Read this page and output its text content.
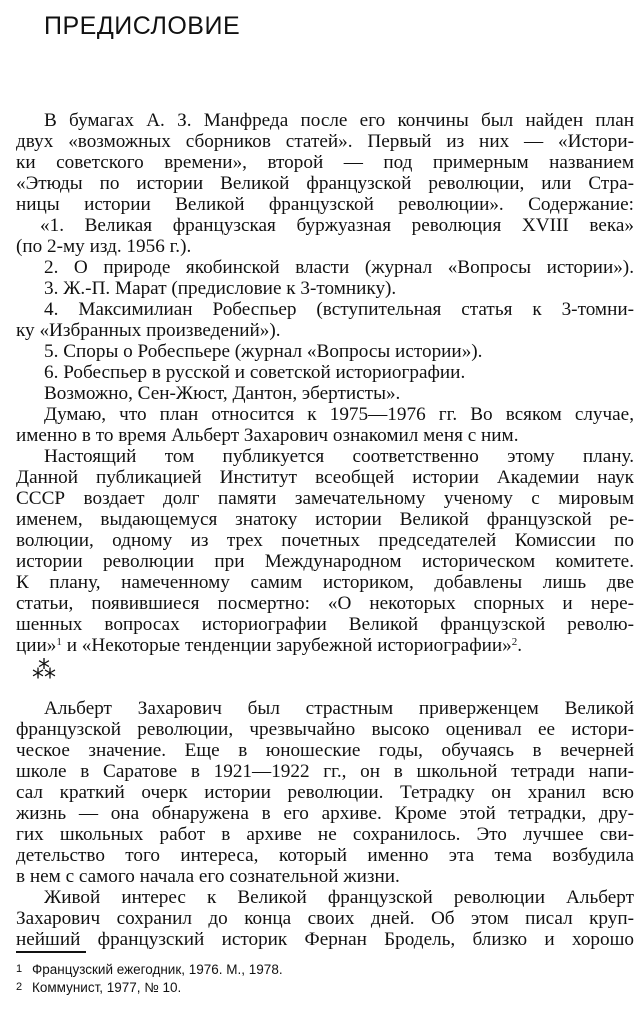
ПРЕДИСЛОВИЕ
В бумагах А. З. Манфреда после его кончины был найден план
двух «возможных сборников статей». Первый из них — «Истори-
ки советского времени», второй — под примерным названием
«Этюды по истории Великой французской революции, или Стра-
ницы истории Великой французской революции». Содержание:
«1. Великая французская буржуазная революция XVIII века»
(по 2-му изд. 1956 г.).
2. О природе якобинской власти (журнал «Вопросы истории»).
3. Ж.-П. Марат (предисловие к 3-томнику).
4. Максимилиан Робеспьер (вступительная статья к 3-томни-
ку «Избранных произведений»).
5. Споры о Робеспьере (журнал «Вопросы истории»).
6. Робеспьер в русской и советской историографии.
Возможно, Сен-Жюст, Дантон, эбертисты».
Думаю, что план относится к 1975—1976 гг. Во всяком случае,
именно в то время Альберт Захарович ознакомил меня с ним.
Настоящий том публикуется соответственно этому плану.
Данной публикацией Институт всеобщей истории Академии наук
СССР воздает долг памяти замечательному ученому с мировым
именем, выдающемуся знатоку истории Великой французской ре-
волюции, одному из трех почетных председателей Комиссии по
истории революции при Международном историческом комитете.
К плану, намеченному самим историком, добавлены лишь две
статьи, появившиеся посмертно: «О некоторых спорных и нере-
шенных вопросах историографии Великой французской револю-
ции»$^1$ и «Некоторые тенденции зарубежной историографии»$^2$.
⁂
Альберт Захарович был страстным приверженцем Великой
французской революции, чрезвычайно высоко оценивал ее истори-
ческое значение. Еще в юношеские годы, обучаясь в вечерней
школе в Саратове в 1921—1922 гг., он в школьной тетради напи-
сал краткий очерк истории революции. Тетрадку он хранил всю
жизнь — она обнаружена в его архиве. Кроме этой тетрадки, дру-
гих школьных работ в архиве не сохранилось. Это лучшее сви-
детельство того интереса, который именно эта тема возбудила
в нем с самого начала его сознательной жизни.
Живой интерес к Великой французской революции Альберт
Захарович сохранил до конца своих дней. Об этом писал круп-
нейший французский историк Фернан Бродель, близко и хорошо
1 Французский ежегодник, 1976. М., 1978.
2 Коммунист, 1977, № 10.
